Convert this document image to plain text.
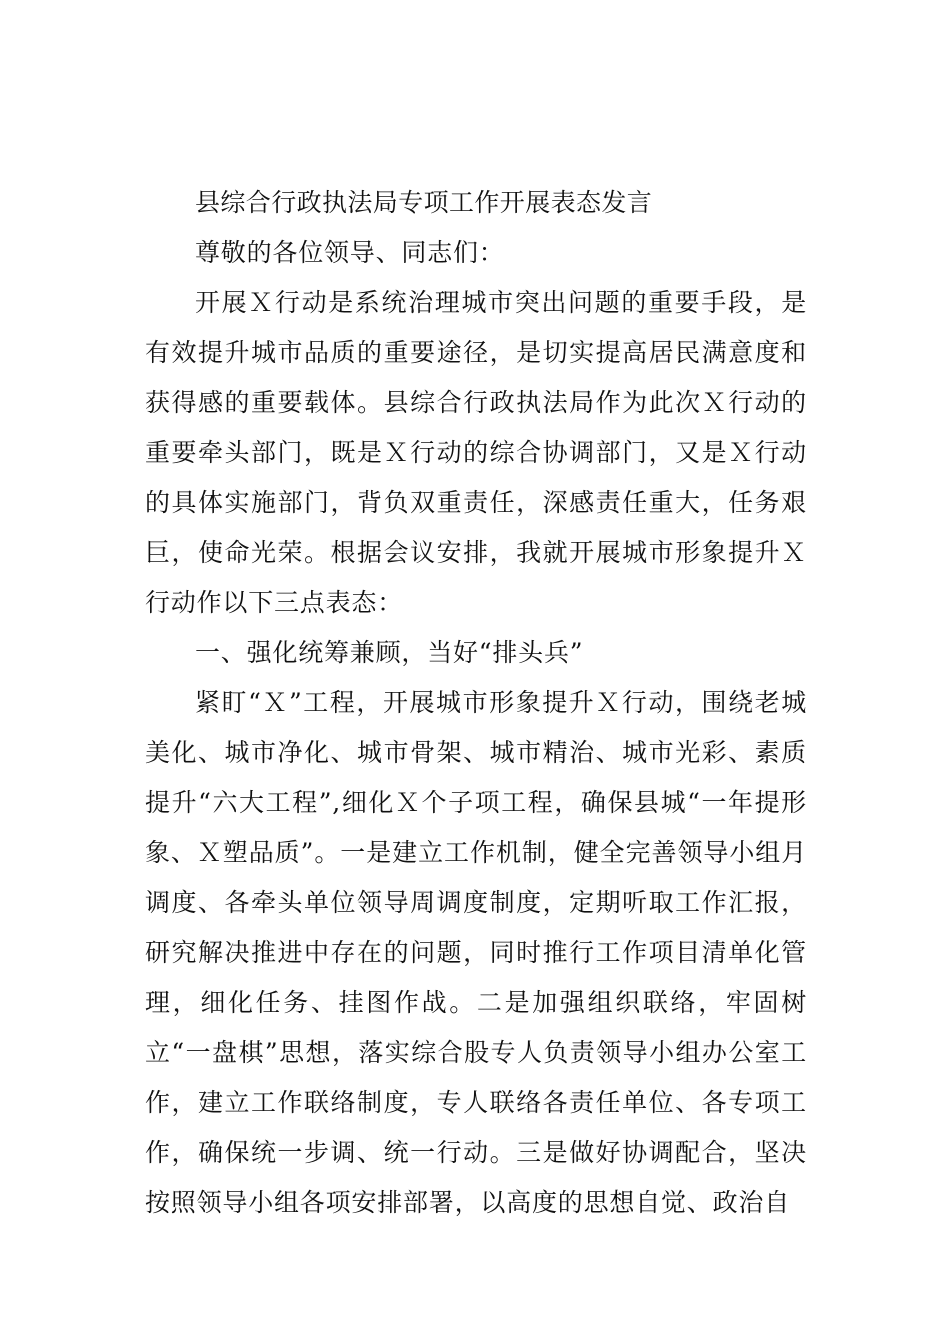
县综合行政执法局专项工作开展表态发言

尊敬的各位领导、同志们：

开展Ｘ行动是系统治理城市突出问题的重要手段，是有效提升城市品质的重要途径，是切实提高居民满意度和获得感的重要载体。县综合行政执法局作为此次Ｘ行动的重要牵头部门，既是Ｘ行动的综合协调部门，又是Ｘ行动的具体实施部门，背负双重责任，深感责任重大，任务艰巨，使命光荣。根据会议安排，我就开展城市形象提升Ｘ行动作以下三点表态：

一、强化统筹兼顾，当好“排头兵”

紧盯“Ｘ”工程，开展城市形象提升Ｘ行动，围绕老城美化、城市净化、城市骨架、城市精治、城市光彩、素质提升“六大工程”,细化Ｘ个子项工程，确保县城“一年提形象、Ｘ塑品质”。一是建立工作机制，健全完善领导小组月调度、各牵头单位领导周调度制度，定期听取工作汇报，研究解决推进中存在的问题，同时推行工作项目清单化管理，细化任务、挂图作战。二是加强组织联络，牢固树立“一盘棋”思想，落实综合股专人负责领导小组办公室工作，建立工作联络制度，专人联络各责任单位、各专项工作，确保统一步调、统一行动。三是做好协调配合，坚决按照领导小组各项安排部署，以高度的思想自觉、政治自
